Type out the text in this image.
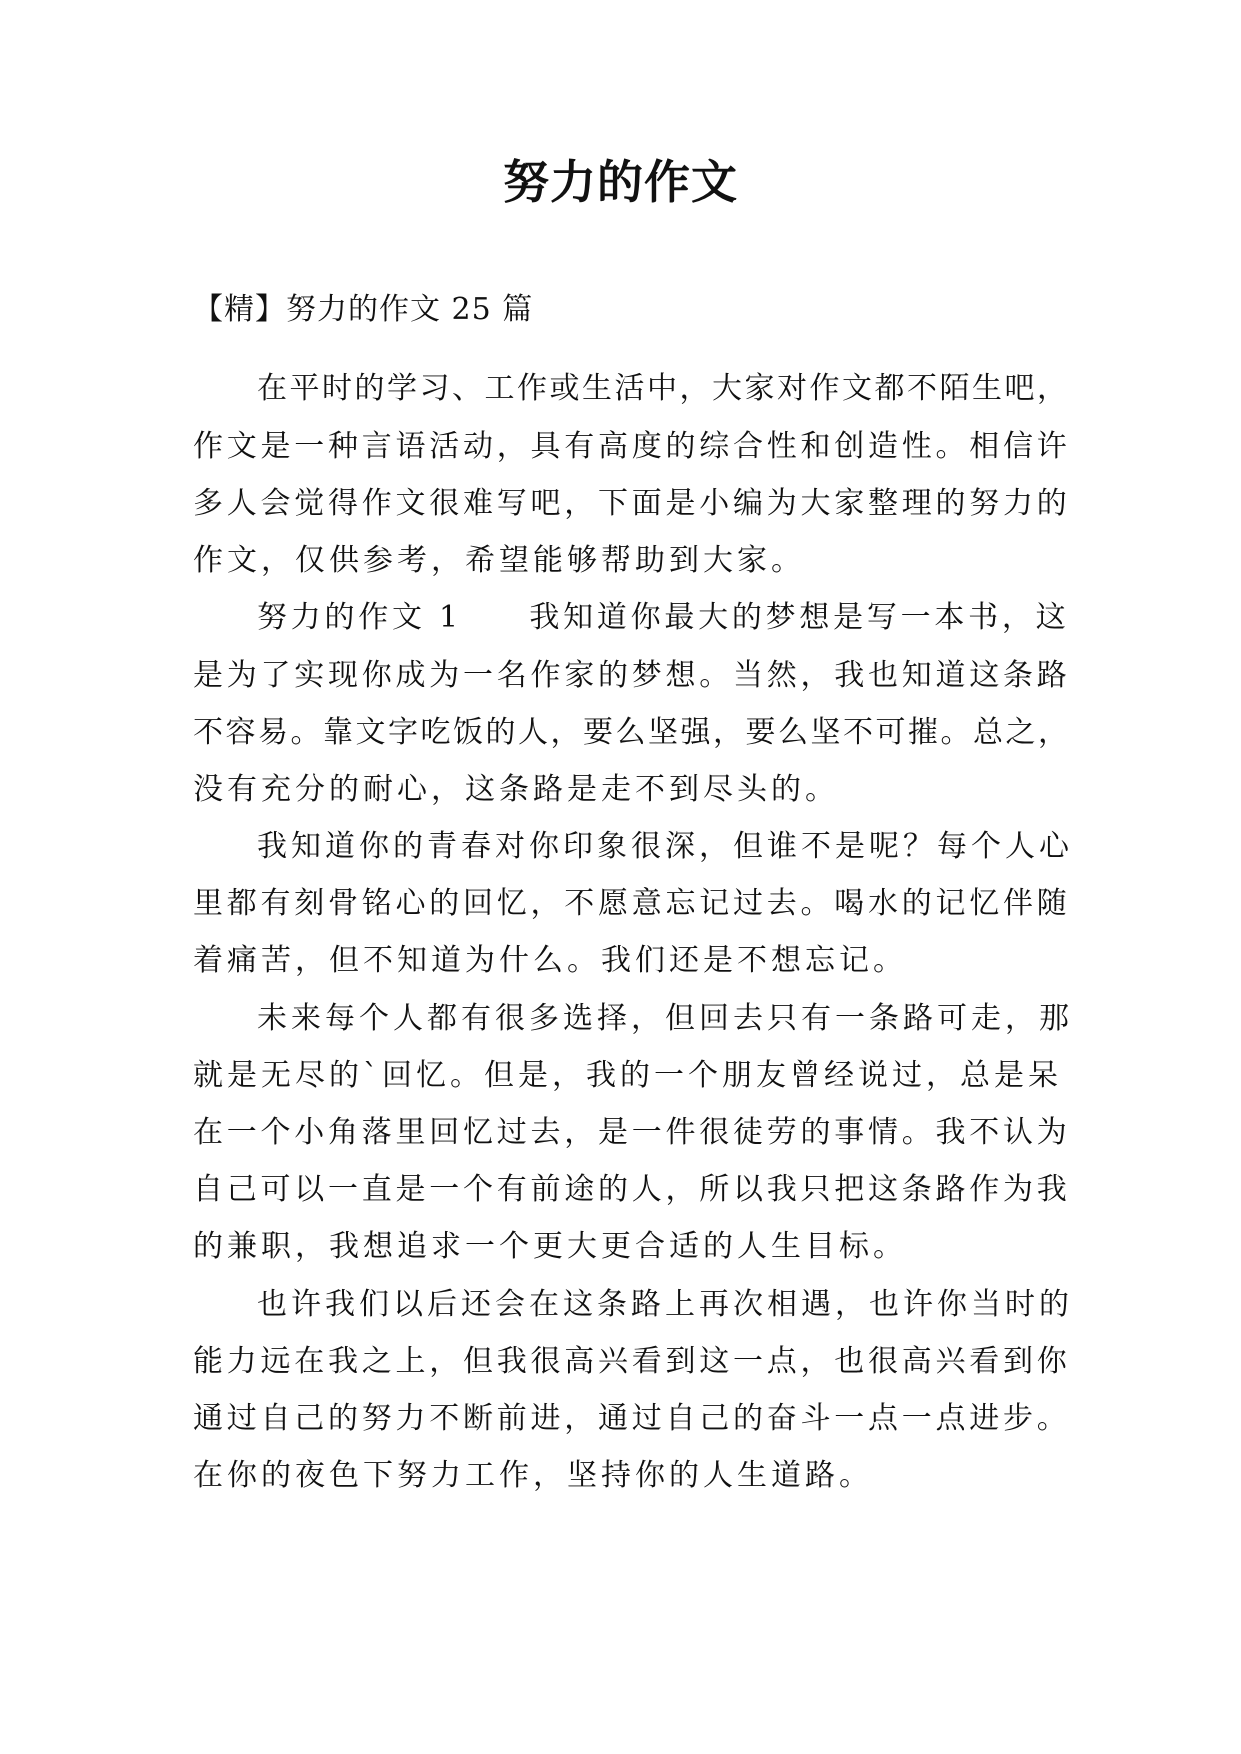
努力的作文

【精】努力的作文 25 篇

在平时的学习、工作或生活中，大家对作文都不陌生吧，
作文是一种言语活动，具有高度的综合性和创造性。相信许
多人会觉得作文很难写吧，下面是小编为大家整理的努力的
作文，仅供参考，希望能够帮助到大家。
努力的作文 1　　我知道你最大的梦想是写一本书，这
是为了实现你成为一名作家的梦想。当然，我也知道这条路
不容易。靠文字吃饭的人，要么坚强，要么坚不可摧。总之，
没有充分的耐心，这条路是走不到尽头的。
我知道你的青春对你印象很深，但谁不是呢？每个人心
里都有刻骨铭心的回忆，不愿意忘记过去。喝水的记忆伴随
着痛苦，但不知道为什么。我们还是不想忘记。
未来每个人都有很多选择，但回去只有一条路可走，那
就是无尽的`回忆。但是，我的一个朋友曾经说过，总是呆
在一个小角落里回忆过去，是一件很徒劳的事情。我不认为
自己可以一直是一个有前途的人，所以我只把这条路作为我
的兼职，我想追求一个更大更合适的人生目标。
也许我们以后还会在这条路上再次相遇，也许你当时的
能力远在我之上，但我很高兴看到这一点，也很高兴看到你
通过自己的努力不断前进，通过自己的奋斗一点一点进步。
在你的夜色下努力工作，坚持你的人生道路。
